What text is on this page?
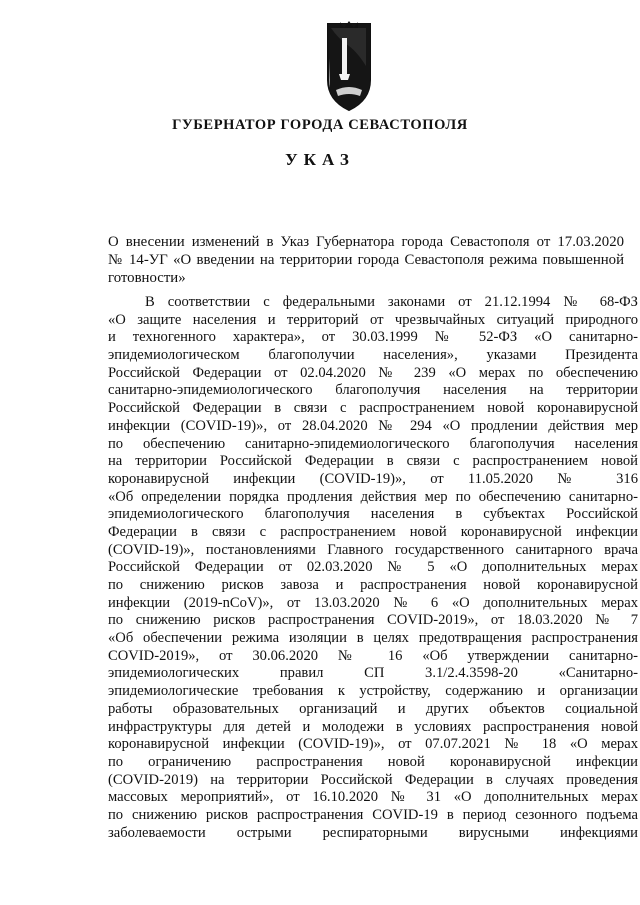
ГУБЕРНАТОР ГОРОДА СЕВАСТОПОЛЯ
УКАЗ
О внесении изменений в Указ Губернатора города Севастополя от 17.03.2020
№ 14-УГ «О введении на территории города Севастополя режима повышенной
готовности»
В соответствии с федеральными законами от 21.12.1994 № 68-ФЗ
«О защите населения и территорий от чрезвычайных ситуаций природного
и техногенного характера», от 30.03.1999 № 52-ФЗ «О санитарно-
эпидемиологическом благополучии населения», указами Президента
Российской Федерации от 02.04.2020 № 239 «О мерах по обеспечению
санитарно-эпидемиологического благополучия населения на территории
Российской Федерации в связи с распространением новой коронавирусной
инфекции (COVID-19)», от 28.04.2020 № 294 «О продлении действия мер
по обеспечению санитарно-эпидемиологического благополучия населения
на территории Российской Федерации в связи с распространением новой
коронавирусной инфекции (COVID-19)», от 11.05.2020 № 316
«Об определении порядка продления действия мер по обеспечению санитарно-
эпидемиологического благополучия населения в субъектах Российской
Федерации в связи с распространением новой коронавирусной инфекции
(COVID-19)», постановлениями Главного государственного санитарного врача
Российской Федерации от 02.03.2020 № 5 «О дополнительных мерах
по снижению рисков завоза и распространения новой коронавирусной
инфекции (2019-nCoV)», от 13.03.2020 № 6 «О дополнительных мерах
по снижению рисков распространения COVID-2019», от 18.03.2020 № 7
«Об обеспечении режима изоляции в целях предотвращения распространения
COVID-2019», от 30.06.2020 № 16 «Об утверждении санитарно-
эпидемиологических правил СП 3.1/2.4.3598-20 «Санитарно-
эпидемиологические требования к устройству, содержанию и организации
работы образовательных организаций и других объектов социальной
инфраструктуры для детей и молодежи в условиях распространения новой
коронавирусной инфекции (COVID-19)», от 07.07.2021 № 18 «О мерах
по ограничению распространения новой коронавирусной инфекции
(COVID-2019) на территории Российской Федерации в случаях проведения
массовых мероприятий», от 16.10.2020 № 31 «О дополнительных мерах
по снижению рисков распространения COVID-19 в период сезонного подъема
заболеваемости острыми респираторными вирусными инфекциями
